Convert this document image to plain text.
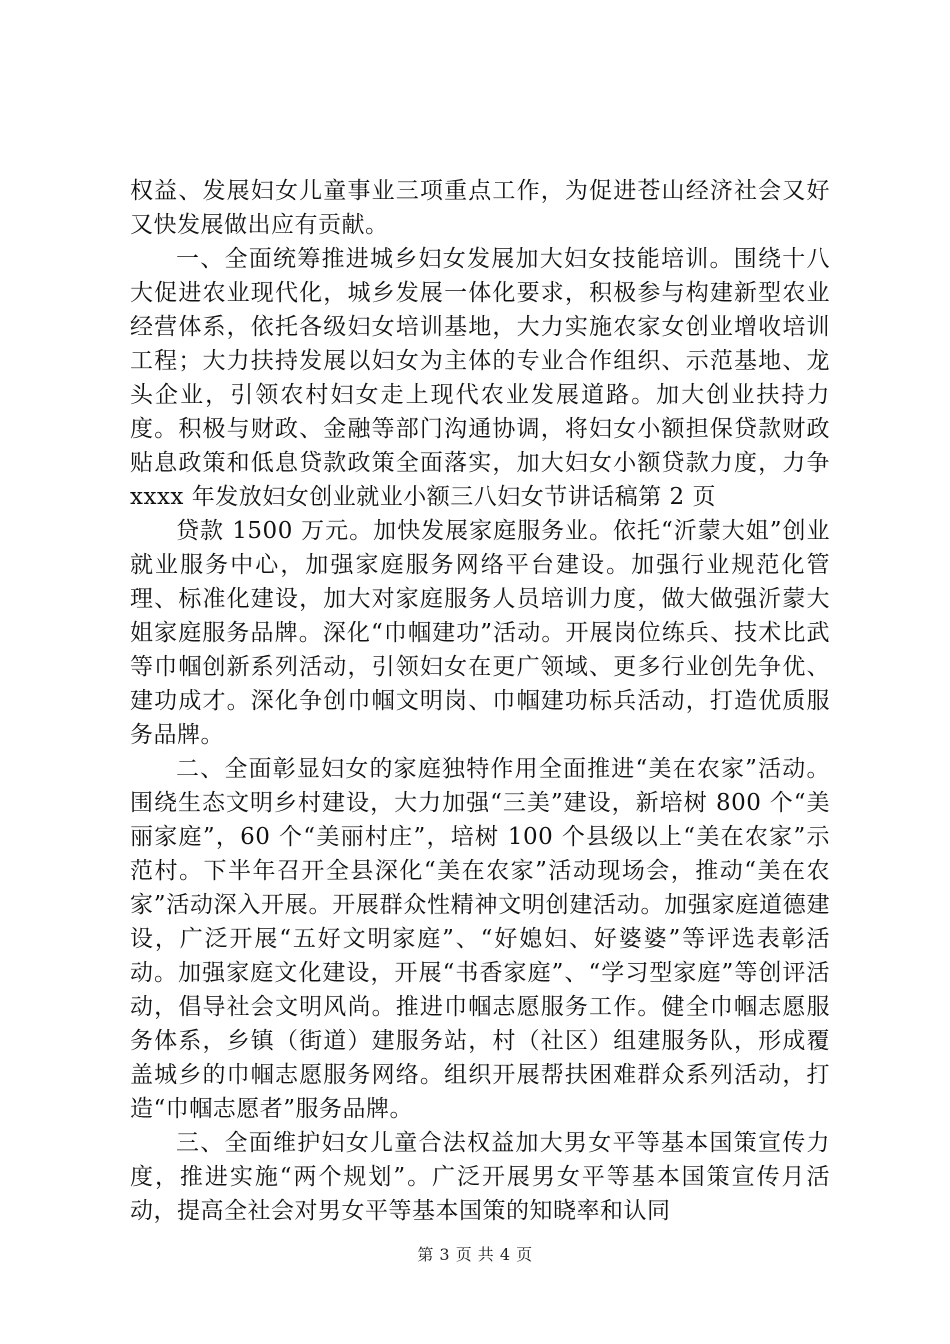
权益、发展妇女儿童事业三项重点工作，为促进苍山经济社会又好又快发展做出应有贡献。

一、全面统筹推进城乡妇女发展加大妇女技能培训。围绕十八大促进农业现代化，城乡发展一体化要求，积极参与构建新型农业经营体系，依托各级妇女培训基地，大力实施农家女创业增收培训工程；大力扶持发展以妇女为主体的专业合作组织、示范基地、龙头企业，引领农村妇女走上现代农业发展道路。加大创业扶持力度。积极与财政、金融等部门沟通协调，将妇女小额担保贷款财政贴息政策和低息贷款政策全面落实，加大妇女小额贷款力度，力争 xxxx 年发放妇女创业就业小额三八妇女节讲话稿第 2 页

贷款 1500 万元。加快发展家庭服务业。依托“沂蒙大姐”创业就业服务中心，加强家庭服务网络平台建设。加强行业规范化管理、标准化建设，加大对家庭服务人员培训力度，做大做强沂蒙大姐家庭服务品牌。深化“巾帼建功”活动。开展岗位练兵、技术比武等巾帼创新系列活动，引领妇女在更广领域、更多行业创先争优、建功成才。深化争创巾帼文明岗、巾帼建功标兵活动，打造优质服务品牌。

二、全面彰显妇女的家庭独特作用全面推进“美在农家”活动。围绕生态文明乡村建设，大力加强“三美”建设，新培树 800 个“美丽家庭”，60 个“美丽村庄”，培树 100 个县级以上“美在农家”示范村。下半年召开全县深化“美在农家”活动现场会，推动“美在农家”活动深入开展。开展群众性精神文明创建活动。加强家庭道德建设，广泛开展“五好文明家庭”、“好媳妇、好婆婆”等评选表彰活动。加强家庭文化建设，开展“书香家庭”、“学习型家庭”等创评活动，倡导社会文明风尚。推进巾帼志愿服务工作。健全巾帼志愿服务体系，乡镇（街道）建服务站，村（社区）组建服务队，形成覆盖城乡的巾帼志愿服务网络。组织开展帮扶困难群众系列活动，打造“巾帼志愿者”服务品牌。

三、全面维护妇女儿童合法权益加大男女平等基本国策宣传力度，推进实施“两个规划”。广泛开展男女平等基本国策宣传月活动，提高全社会对男女平等基本国策的知晓率和认同

第 3 页 共 4 页
